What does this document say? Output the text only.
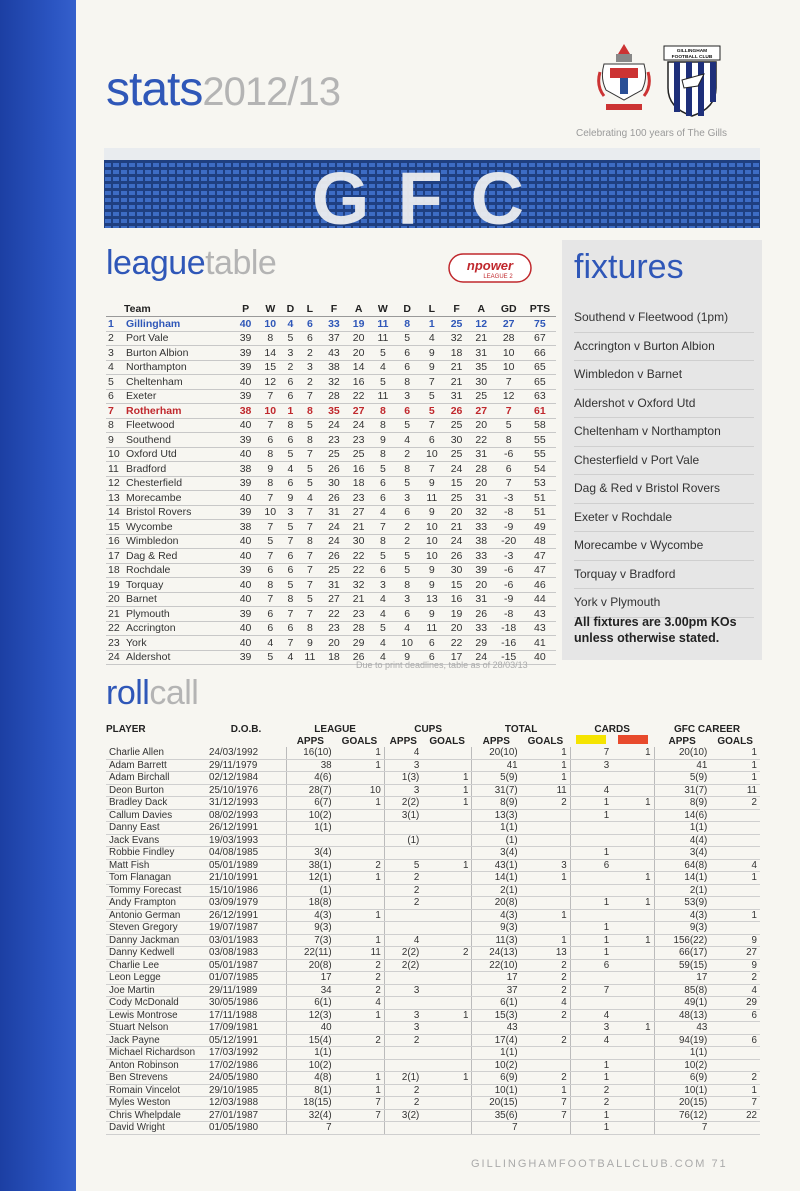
stats2012/13
GILLINGHAM
FOOTBALL CLUB
Celebrating 100 years of The Gills
GFC
leaguetable	npower
LEAGUE 2
	Team	P	W	D	L	F	A	W	D	L	F	A	GD	PTS
1	Gillingham	40	10	4	6	33	19	11	8	1	25	12	27	75
2	Port Vale	39	8	5	6	37	20	11	5	4	32	21	28	67
3	Burton Albion	39	14	3	2	43	20	5	6	9	18	31	10	66
4	Northampton	39	15	2	3	38	14	4	6	9	21	35	10	65
5	Cheltenham	40	12	6	2	32	16	5	8	7	21	30	7	65
6	Exeter	39	7	6	7	28	22	11	3	5	31	25	12	63
7	Rotherham	38	10	1	8	35	27	8	6	5	26	27	7	61
8	Fleetwood	40	7	8	5	24	24	8	5	7	25	20	5	58
9	Southend	39	6	6	8	23	23	9	4	6	30	22	8	55
10	Oxford Utd	40	8	5	7	25	25	8	2	10	25	31	-6	55
11	Bradford	38	9	4	5	26	16	5	8	7	24	28	6	54
12	Chesterfield	39	8	6	5	30	18	6	5	9	15	20	7	53
13	Morecambe	40	7	9	4	26	23	6	3	11	25	31	-3	51
14	Bristol Rovers	39	10	3	7	31	27	4	6	9	20	32	-8	51
15	Wycombe	38	7	5	7	24	21	7	2	10	21	33	-9	49
16	Wimbledon	40	5	7	8	24	30	8	2	10	24	38	-20	48
17	Dag & Red	40	7	6	7	26	22	5	5	10	26	33	-3	47
18	Rochdale	39	6	6	7	25	22	6	5	9	30	39	-6	47
19	Torquay	40	8	5	7	31	32	3	8	9	15	20	-6	46
20	Barnet	40	7	8	5	27	21	4	3	13	16	31	-9	44
21	Plymouth	39	6	7	7	22	23	4	6	9	19	26	-8	43
22	Accrington	40	6	6	8	23	28	5	4	11	20	33	-18	43
23	York	40	4	7	9	20	29	4	10	6	22	29	-16	41
24	Aldershot	39	5	4	11	18	26	4	9	6	17	24	-15	40
Due to print deadlines, table as of 28/03/13
fixtures
Southend v Fleetwood (1pm)
Accrington v Burton Albion
Wimbledon v Barnet
Aldershot v Oxford Utd
Cheltenham v Northampton
Chesterfield v Port Vale
Dag & Red v Bristol Rovers
Exeter v Rochdale
Morecambe v Wycombe
Torquay v Bradford
York v Plymouth
All fixtures are 3.00pm KOs unless otherwise stated.
rollcall
PLAYER	D.O.B.	LEAGUE		CUPS		TOTAL		CARDS		GFC CAREER	
		APPS	GOALS	APPS	GOALS	APPS	GOALS			APPS	GOALS
Charlie Allen	24/03/1992	16(10)	1	4		20(10)	1	7	1	20(10)	1
Adam Barrett	29/11/1979	38	1	3		41	1	3		41	1
Adam Birchall	02/12/1984	4(6)		1(3)	1	5(9)	1			5(9)	1
Deon Burton	25/10/1976	28(7)	10	3	1	31(7)	11	4		31(7)	11
Bradley Dack	31/12/1993	6(7)	1	2(2)	1	8(9)	2	1	1	8(9)	2
Callum Davies	08/02/1993	10(2)		3(1)		13(3)		1		14(6)	
Danny East	26/12/1991	1(1)				1(1)				1(1)	
Jack Evans	19/03/1993			(1)		(1)				4(4)	
Robbie Findley	04/08/1985	3(4)				3(4)		1		3(4)	
Matt Fish	05/01/1989	38(1)	2	5	1	43(1)	3	6		64(8)	4
Tom Flanagan	21/10/1991	12(1)	1	2		14(1)	1		1	14(1)	1
Tommy Forecast	15/10/1986	(1)		2		2(1)				2(1)	
Andy Frampton	03/09/1979	18(8)		2		20(8)		1	1	53(9)	
Antonio German	26/12/1991	4(3)	1			4(3)	1			4(3)	1
Steven Gregory	19/07/1987	9(3)				9(3)		1		9(3)	
Danny Jackman	03/01/1983	7(3)	1	4		11(3)	1	1	1	156(22)	9
Danny Kedwell	03/08/1983	22(11)	11	2(2)	2	24(13)	13	1		66(17)	27
Charlie Lee	05/01/1987	20(8)	2	2(2)		22(10)	2	6		59(15)	9
Leon Legge	01/07/1985	17	2			17	2			17	2
Joe Martin	29/11/1989	34	2	3		37	2	7		85(8)	4
Cody McDonald	30/05/1986	6(1)	4			6(1)	4			49(1)	29
Lewis Montrose	17/11/1988	12(3)	1	3	1	15(3)	2	4		48(13)	6
Stuart Nelson	17/09/1981	40		3		43		3	1	43	
Jack Payne	05/12/1991	15(4)	2	2		17(4)	2	4		94(19)	6
Michael Richardson	17/03/1992	1(1)				1(1)				1(1)	
Anton Robinson	17/02/1986	10(2)				10(2)		1		10(2)	
Ben Strevens	24/05/1980	4(8)	1	2(1)	1	6(9)	2	1		6(9)	2
Romain Vincelot	29/10/1985	8(1)	1	2		10(1)	1	2		10(1)	1
Myles Weston	12/03/1988	18(15)	7	2		20(15)	7	2		20(15)	7
Chris Whelpdale	27/01/1987	32(4)	7	3(2)		35(6)	7	1		76(12)	22
David Wright	01/05/1980	7				7		1		7	
GILLINGHAMFOOTBALLCLUB.COM 71
